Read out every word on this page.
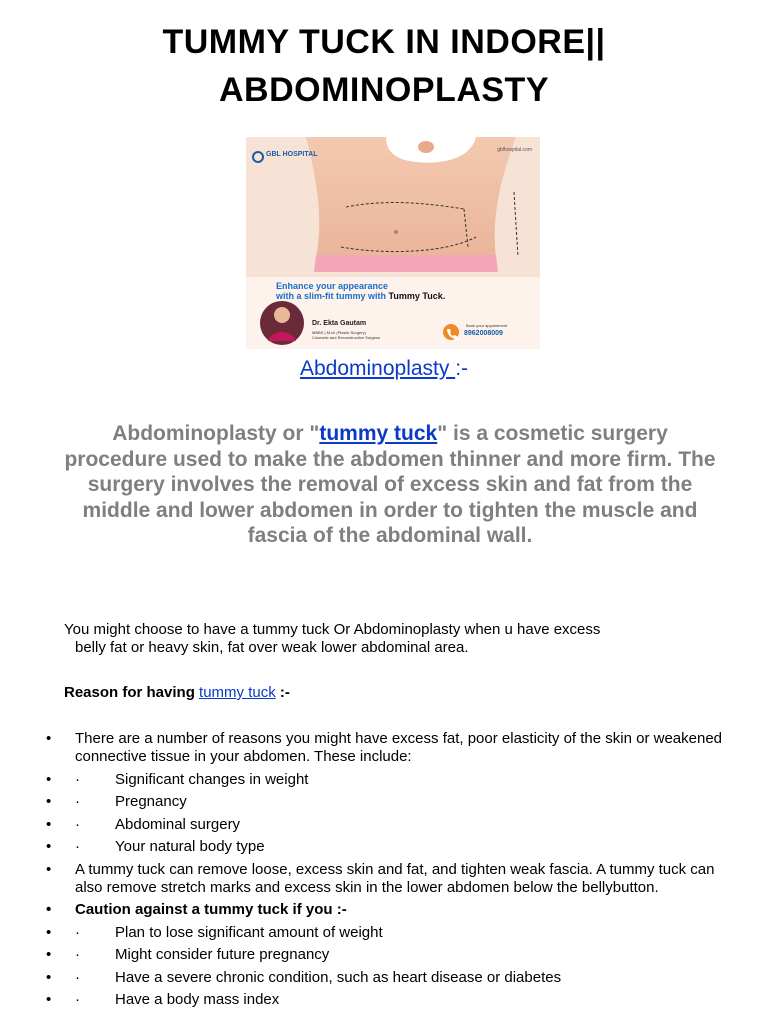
TUMMY TUCK IN INDORE||
ABDOMINOPLASTY
GBL HOSPITAL
gblhospital.com
Enhance your appearance
with a slim-fit tummy with Tummy Tuck.
Dr. Ekta Gautam
MBBS | M.ch (Plastic Surgery)
Cosmetic and Reconstructive Surgeon
Book your appointment
8962008009
Abdominoplasty :-
Abdominoplasty or "tummy tuck" is a cosmetic surgery procedure used to make the abdomen thinner and more firm. The surgery involves the removal of excess skin and fat from the middle and lower abdomen in order to tighten the muscle and fascia of the abdominal wall.
You might choose to have a tummy tuck Or Abdominoplasty when u have excess
belly fat or heavy skin, fat over weak lower abdominal area.
Reason for having tummy tuck :-
• There are a number of reasons you might have excess fat, poor elasticity of the skin or weakened connective tissue in your abdomen. These include:
• · Significant changes in weight
• · Pregnancy
• · Abdominal surgery
• · Your natural body type
• A tummy tuck can remove loose, excess skin and fat, and tighten weak fascia. A tummy tuck can also remove stretch marks and excess skin in the lower abdomen below the bellybutton.
• Caution against a tummy tuck if you :-
• · Plan to lose significant amount of weight
• · Might consider future pregnancy
• · Have a severe chronic condition, such as heart disease or diabetes
• · Have a body mass index
